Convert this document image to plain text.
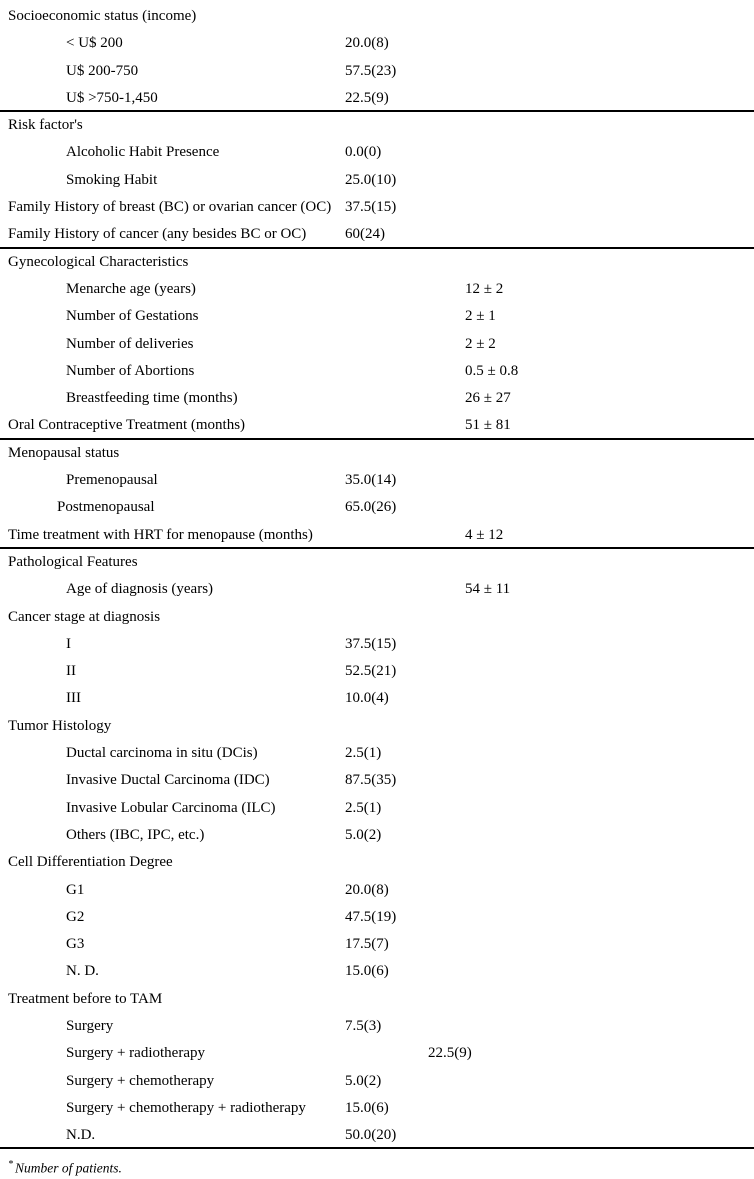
Socioeconomic status (income)
< U$ 200	20.0(8)
U$ 200-750	57.5(23)
U$ >750-1,450	22.5(9)
Risk factor's
Alcoholic Habit Presence	0.0(0)
Smoking Habit	25.0(10)
Family History of breast (BC) or ovarian cancer (OC) 37.5(15)
Family History of cancer (any besides BC or OC)	60(24)
Gynecological Characteristics
Menarche age (years)	12 ± 2
Number of Gestations	2 ± 1
Number of deliveries	2 ± 2
Number of Abortions	0.5 ± 0.8
Breastfeeding time (months)	26 ± 27
Oral Contraceptive Treatment (months)	51 ± 81
Menopausal status
Premenopausal	35.0(14)
Postmenopausal	65.0(26)
Time treatment with HRT for menopause (months)	4 ± 12
Pathological Features
Age of diagnosis (years)	54 ± 11
Cancer stage at diagnosis
I	37.5(15)
II	52.5(21)
III	10.0(4)
Tumor Histology
Ductal carcinoma in situ (DCis)	2.5(1)
Invasive Ductal Carcinoma (IDC)	87.5(35)
Invasive Lobular Carcinoma (ILC)	2.5(1)
Others (IBC, IPC, etc.)	5.0(2)
Cell Differentiation Degree
G1	20.0(8)
G2	47.5(19)
G3	17.5(7)
N. D.	15.0(6)
Treatment before to TAM
Surgery	7.5(3)
Surgery + radiotherapy	22.5(9)
Surgery + chemotherapy	5.0(2)
Surgery + chemotherapy + radiotherapy	15.0(6)
N.D.	50.0(20)
* Number of patients.
